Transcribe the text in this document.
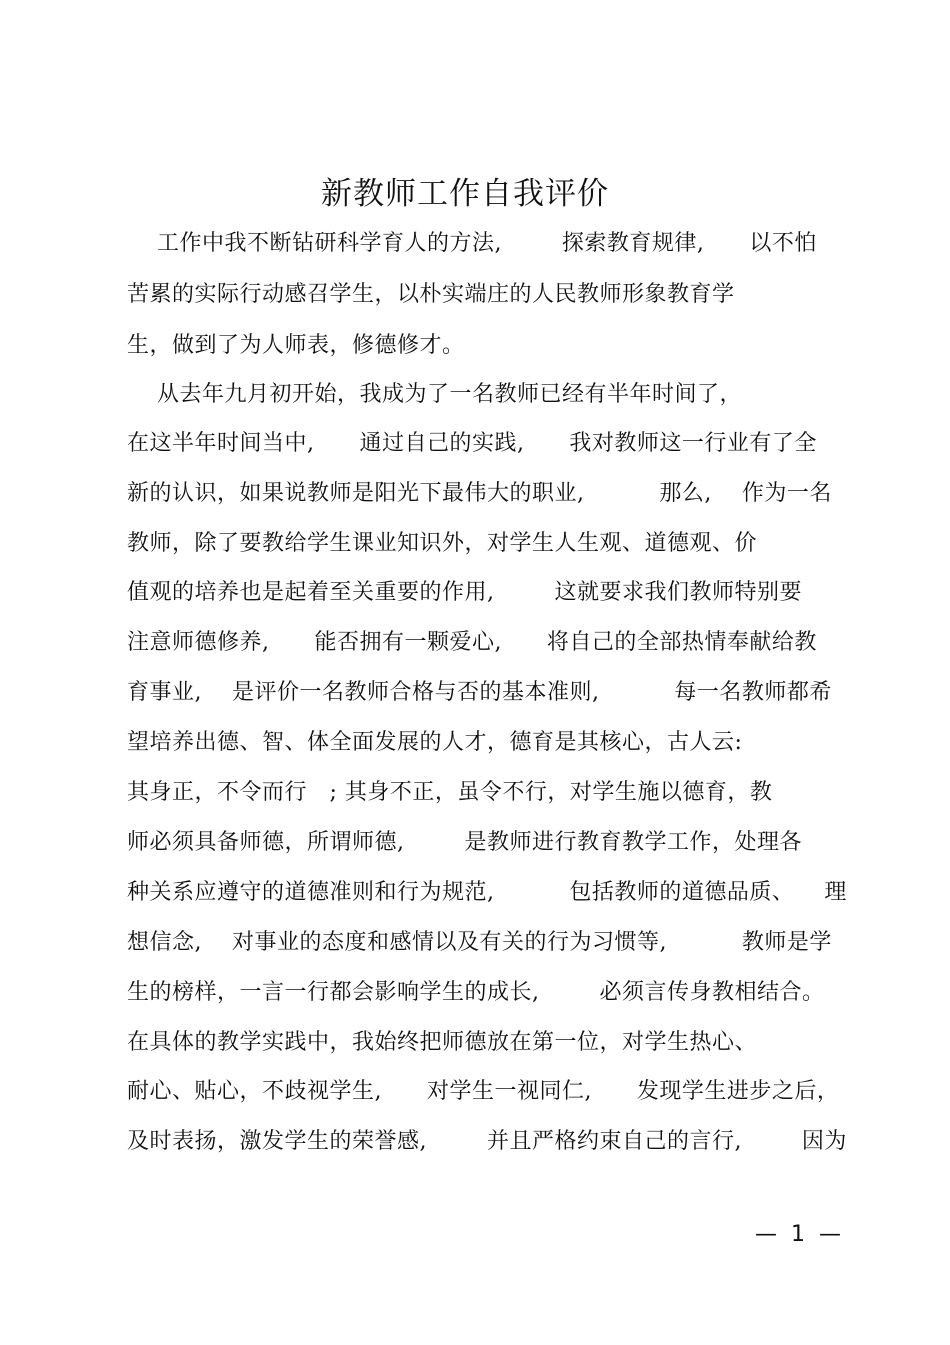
新教师工作自我评价
工作中我不断钻研科学育人的方法,        探索教育规律,      以不怕
苦累的实际行动感召学生，以朴实端庄的人民教师形象教育学
生，做到了为人师表，修德修才。
从去年九月初开始，我成为了一名教师已经有半年时间了，
在这半年时间当中,      通过自己的实践,      我对教师这一行业有了全
新的认识，如果说教师是阳光下最伟大的职业,          那么,    作为一名
教师，除了要教给学生课业知识外，对学生人生观、道德观、价
值观的培养也是起着至关重要的作用,        这就要求我们教师特别要
注意师德修养,      能否拥有一颗爱心,      将自己的全部热情奉献给教
育事业,    是评价一名教师合格与否的基本准则,          每一名教师都希
望培养出德、智、体全面发展的人才，德育是其核心，古人云:
其身正，不令而行   ; 其身不正，虽令不行，对学生施以德育，教
师必须具备师德，所谓师德,        是教师进行教育教学工作，处理各
种关系应遵守的道德准则和行为规范,          包括教师的道德品质、    理
想信念,    对事业的态度和感情以及有关的行为习惯等,          教师是学
生的榜样，一言一行都会影响学生的成长,        必须言传身教相结合。
在具体的教学实践中，我始终把师德放在第一位，对学生热心、
耐心、贴心，不歧视学生,      对学生一视同仁,      发现学生进步之后，
及时表扬，激发学生的荣誉感,        并且严格约束自己的言行,        因为
—  1  —
